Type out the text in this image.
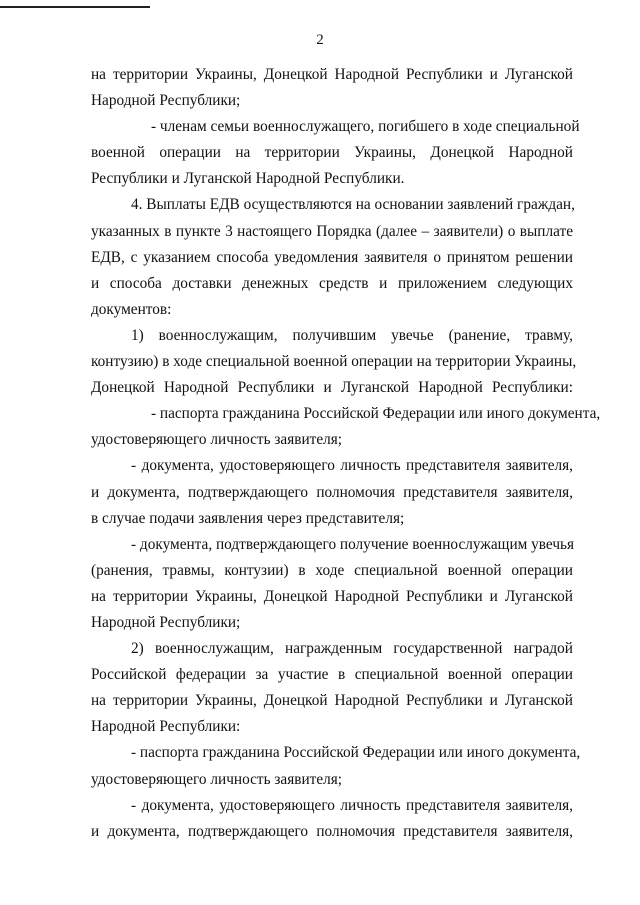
2
на территории Украины, Донецкой Народной Республики и Луганской
Народной Республики;
- членам семьи военнослужащего, погибшего в ходе специальной
военной операции на территории Украины, Донецкой Народной
Республики и Луганской Народной Республики.
4. Выплаты ЕДВ осуществляются на основании заявлений граждан,
указанных в пункте 3 настоящего Порядка (далее – заявители) о выплате
ЕДВ, с указанием способа уведомления заявителя о принятом решении
и способа доставки денежных средств и приложением следующих
документов:
1) военнослужащим, получившим увечье (ранение, травму,
контузию) в ходе специальной военной операции на территории Украины,
Донецкой Народной Республики и Луганской Народной Республики:
- паспорта гражданина Российской Федерации или иного документа,
удостоверяющего личность заявителя;
- документа, удостоверяющего личность представителя заявителя,
и документа, подтверждающего полномочия представителя заявителя,
в случае подачи заявления через представителя;
- документа, подтверждающего получение военнослужащим увечья
(ранения, травмы, контузии) в ходе специальной военной операции
на территории Украины, Донецкой Народной Республики и Луганской
Народной Республики;
2) военнослужащим, награжденным государственной наградой
Российской федерации за участие в специальной военной операции
на территории Украины, Донецкой Народной Республики и Луганской
Народной Республики:
- паспорта гражданина Российской Федерации или иного документа,
удостоверяющего личность заявителя;
- документа, удостоверяющего личность представителя заявителя,
и документа, подтверждающего полномочия представителя заявителя,
